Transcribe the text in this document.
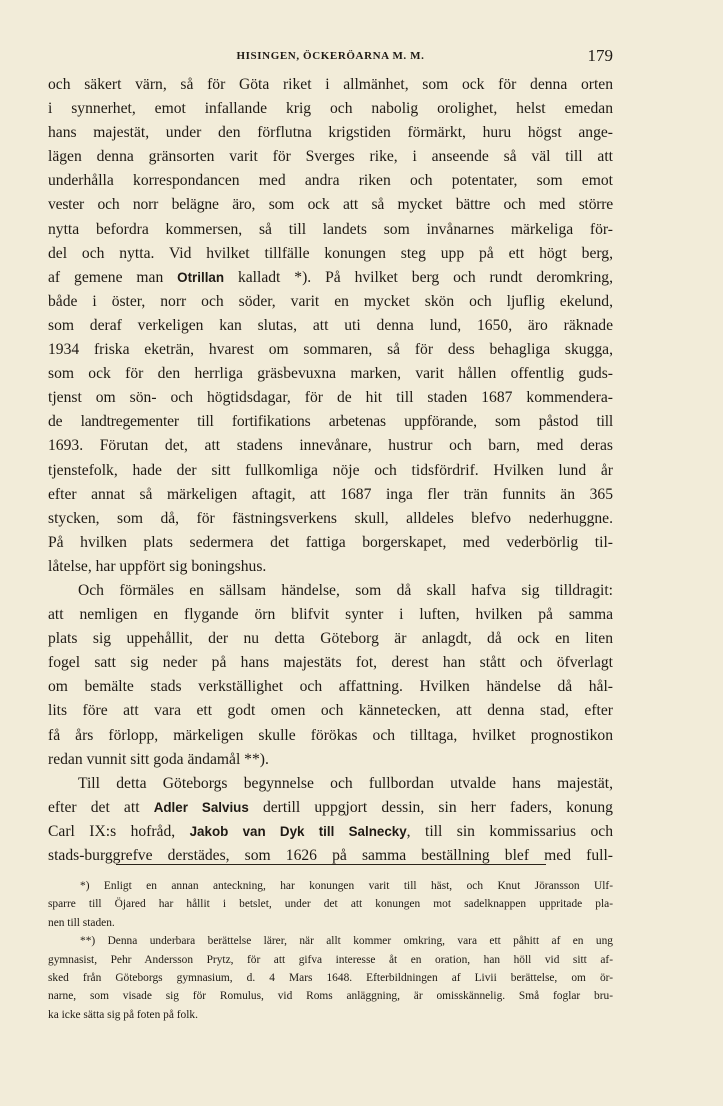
HISINGEN, ÖCKERÖARNA M. M.	179
och säkert värn, så för Göta riket i allmänhet, som ock för denna orten
i synnerhet, emot infallande krig och nabolig orolighet, helst emedan
hans majestät, under den förflutna krigstiden förmärkt, huru högst ange-
lägen denna gränsorten varit för Sverges rike, i anseende så väl till att
underhålla korrespondancen med andra riken och potentater, som emot
vester och norr belägne äro, som ock att så mycket bättre och med större
nytta befordra kommersen, så till landets som invånarnes märkeliga för-
del och nytta. Vid hvilket tillfälle konungen steg upp på ett högt berg,
af gemene man Otrillan kalladt *). På hvilket berg och rundt deromkring,
både i öster, norr och söder, varit en mycket skön och ljuflig ekelund,
som deraf verkeligen kan slutas, att uti denna lund, 1650, äro räknade
1934 friska eketrän, hvarest om sommaren, så för dess behagliga skugga,
som ock för den herrliga gräsbevuxna marken, varit hållen offentlig guds-
tjenst om sön- och högtidsdagar, för de hit till staden 1687 kommendera-
de landtregementer till fortifikations arbetenas uppförande, som påstod till
1693. Förutan det, att stadens innevånare, hustrur och barn, med deras
tjenstefolk, hade der sitt fullkomliga nöje och tidsfördrif. Hvilken lund år
efter annat så märkeligen aftagit, att 1687 inga fler trän funnits än 365
stycken, som då, för fästningsverkens skull, alldeles blefvo nederhuggne.
På hvilken plats sedermera det fattiga borgerskapet, med vederbörlig til-
låtelse, har uppfört sig boningshus.
Och förmäles en sällsam händelse, som då skall hafva sig tilldragit:
att nemligen en flygande örn blifvit synter i luften, hvilken på samma
plats sig uppehållit, der nu detta Göteborg är anlagdt, då ock en liten
fogel satt sig neder på hans majestäts fot, derest han stått och öfverlagt
om bemälte stads verkställighet och affattning. Hvilken händelse då hål-
lits före att vara ett godt omen och kännetecken, att denna stad, efter
få års förlopp, märkeligen skulle förökas och tilltaga, hvilket prognostikon
redan vunnit sitt goda ändamål **).
Till detta Göteborgs begynnelse och fullbordan utvalde hans majestät,
efter det att Adler Salvius dertill uppgjort dessin, sin herr faders, konung
Carl IX:s hofråd, Jakob van Dyk till Salnecky, till sin kommissarius och
stads-burggrefve derstädes, som 1626 på samma beställning blef med full-
*) Enligt en annan anteckning, har konungen varit till häst, och Knut Jöransson Ulf-
sparre till Öjared har hållit i betslet, under det att konungen mot sadelknappen uppritade pla-
nen till staden.
**) Denna underbara berättelse lärer, när allt kommer omkring, vara ett påhitt af en ung
gymnasist, Pehr Andersson Prytz, för att gifva interesse åt en oration, han höll vid sitt af-
sked från Göteborgs gymnasium, d. 4 Mars 1648. Efterbildningen af Livii berättelse, om ör-
narne, som visade sig för Romulus, vid Roms anläggning, är omisskännelig. Små foglar bru-
ka icke sätta sig på foten på folk.
